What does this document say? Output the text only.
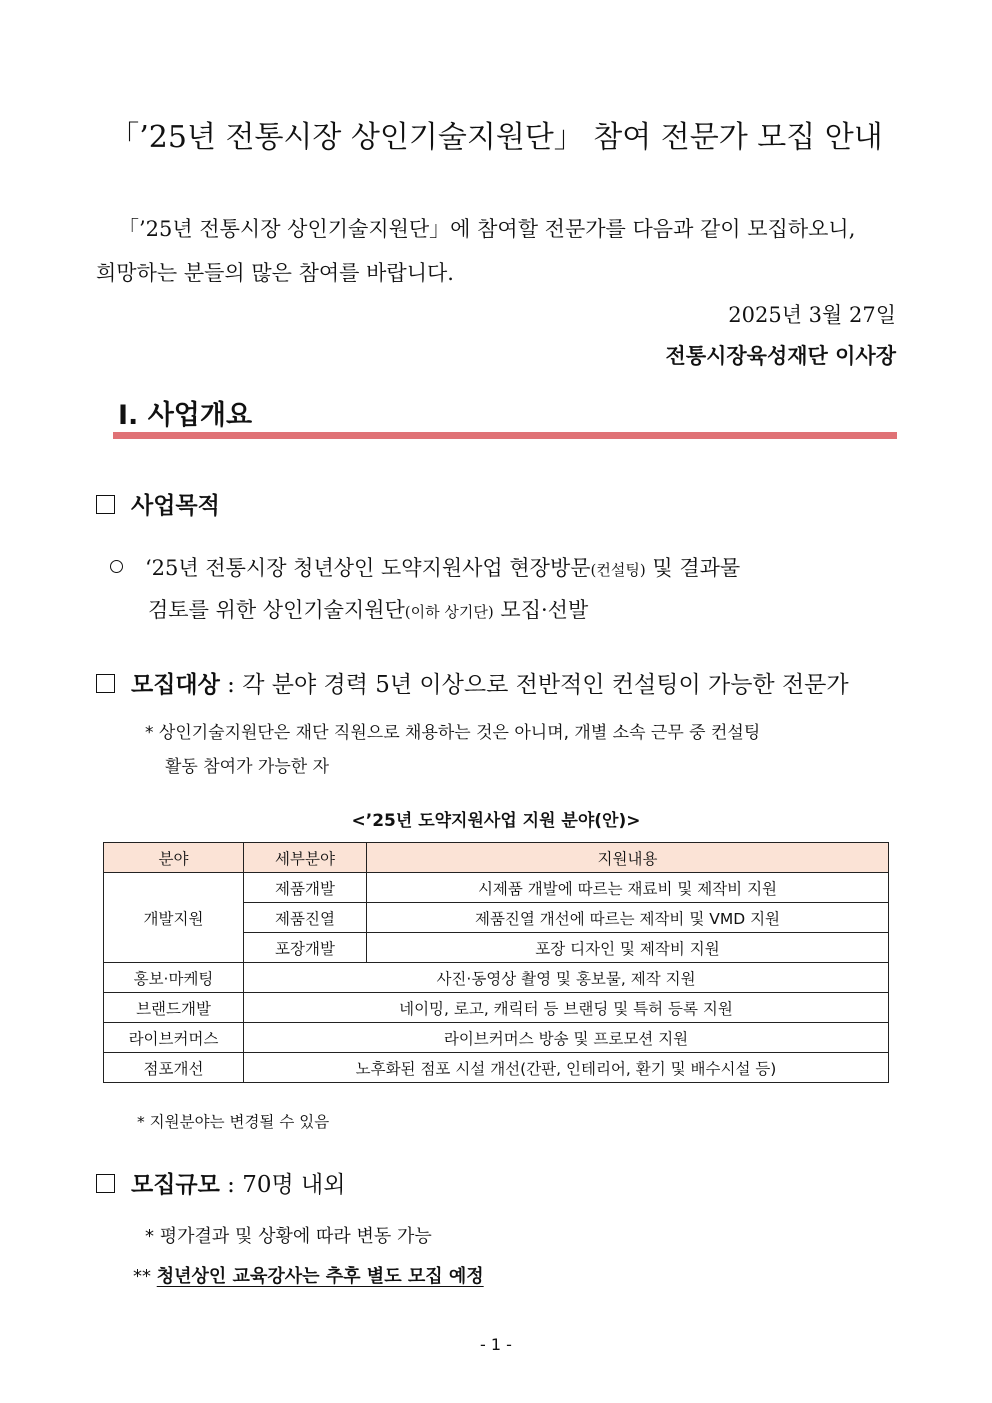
「’25년 전통시장 상인기술지원단」 참여 전문가 모집 안내
「’25년 전통시장 상인기술지원단」에 참여할 전문가를 다음과 같이 모집하오니,
희망하는 분들의 많은 참여를 바랍니다.
2025년 3월 27일
전통시장육성재단 이사장
Ⅰ. 사업개요
사업목적
‘25년 전통시장 청년상인 도약지원사업 현장방문(컨설팅) 및 결과물
검토를 위한 상인기술지원단(이하 상기단) 모집·선발
모집대상 : 각 분야 경력 5년 이상으로 전반적인 컨설팅이 가능한 전문가
* 상인기술지원단은 재단 직원으로 채용하는 것은 아니며, 개별 소속 근무 중 컨설팅
활동 참여가 가능한 자
<’25년 도약지원사업 지원 분야(안)>
분야	세부분야	지원내용
개발지원	제품개발	시제품 개발에 따르는 재료비 및 제작비 지원
	제품진열	제품진열 개선에 따르는 제작비 및 VMD 지원
	포장개발	포장 디자인 및 제작비 지원
홍보·마케팅	사진·동영상 촬영 및 홍보물, 제작 지원	
브랜드개발	네이밍, 로고, 캐릭터 등 브랜딩 및 특허 등록 지원	
라이브커머스	라이브커머스 방송 및 프로모션 지원	
점포개선	노후화된 점포 시설 개선(간판, 인테리어, 환기 및 배수시설 등)	
* 지원분야는 변경될 수 있음
모집규모 : 70명 내외
* 평가결과 및 상황에 따라 변동 가능
** 청년상인 교육강사는 추후 별도 모집 예정
- 1 -
